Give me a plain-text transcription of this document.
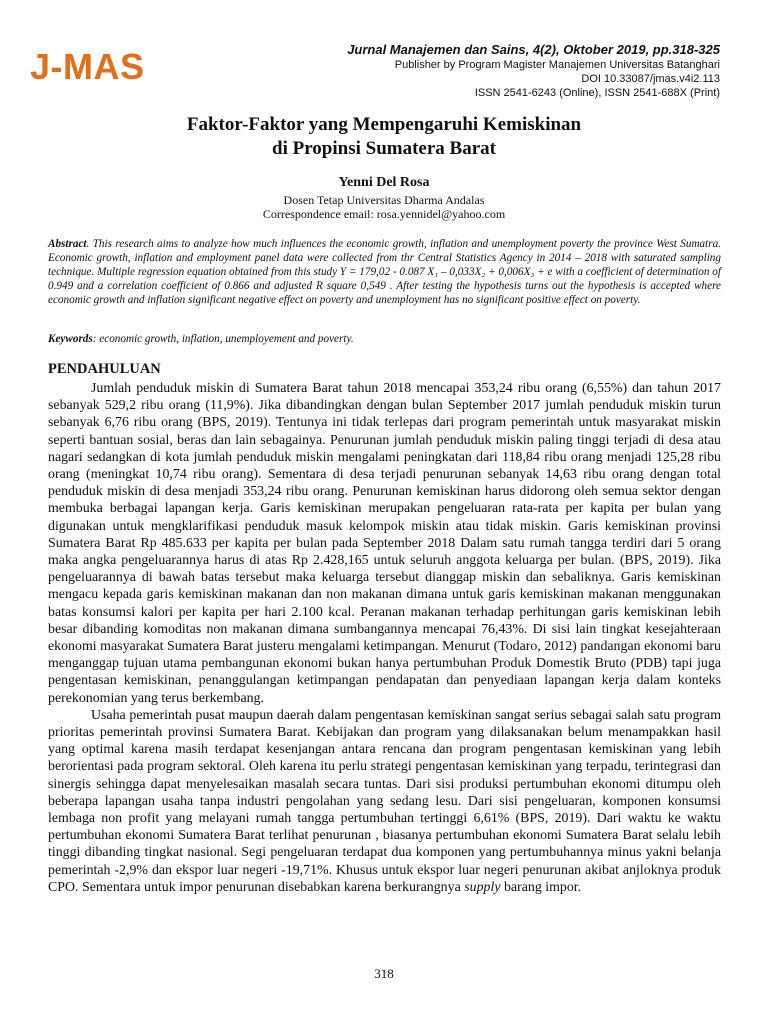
J-MAS	Jurnal Manajemen dan Sains, 4(2), Oktober 2019, pp.318-325
Publisher by Program Magister Manajemen Universitas Batanghari
DOI 10.33087/jmas.v4i2.113
ISSN 2541-6243 (Online), ISSN 2541-688X (Print)
Faktor-Faktor yang Mempengaruhi Kemiskinan
di Propinsi Sumatera Barat
Yenni Del Rosa
Dosen Tetap Universitas Dharma Andalas
Correspondence email: rosa.yennidel@yahoo.com
Abstract. This research aims to analyze how much influences the economic growth, inflation and unemployment poverty the province West Sumatra. Economic growth, inflation and employment panel data were collected from thr Central Statistics Agency in 2014 – 2018 with saturated sampling technique. Multiple regression equation obtained from this study Y = 179,02 - 0.087 X₁ – 0,033X₂ + 0,006X₃ + e with a coefficient of determination of 0.949 and a correlation coefficient of 0.866 and adjusted R square 0,549 . After testing the hypothesis turns out the hypothesis is accepted where economic growth and inflation significant negative effect on poverty and unemployment has no significant positive effect on poverty.
Keywords: economic growth, inflation, unemployement and poverty.
PENDAHULUAN

Jumlah penduduk miskin di Sumatera Barat tahun 2018 mencapai 353,24 ribu orang (6,55%) dan tahun 2017 sebanyak 529,2 ribu orang (11,9%). Jika dibandingkan dengan bulan September 2017 jumlah penduduk miskin turun sebanyak 6,76 ribu orang (BPS, 2019). Tentunya ini tidak terlepas dari program pemerintah untuk masyarakat miskin seperti bantuan sosial, beras dan lain sebagainya. Penurunan jumlah penduduk miskin paling tinggi terjadi di desa atau nagari sedangkan di kota jumlah penduduk miskin mengalami peningkatan dari 118,84 ribu orang menjadi 125,28 ribu orang (meningkat 10,74 ribu orang). Sementara di desa terjadi penurunan sebanyak 14,63 ribu orang dengan total penduduk miskin di desa menjadi 353,24 ribu orang. Penurunan kemiskinan harus didorong oleh semua sektor dengan membuka berbagai lapangan kerja. Garis kemiskinan merupakan pengeluaran rata-rata per kapita per bulan yang digunakan untuk mengklarifikasi penduduk masuk kelompok miskin atau tidak miskin. Garis kemiskinan provinsi Sumatera Barat Rp 485.633 per kapita per bulan pada September 2018 Dalam satu rumah tangga terdiri dari 5 orang maka angka pengeluarannya harus di atas Rp 2.428,165 untuk seluruh anggota keluarga per bulan. (BPS, 2019). Jika pengeluarannya di bawah batas tersebut maka keluarga tersebut dianggap miskin dan sebaliknya. Garis kemiskinan mengacu kepada garis kemiskinan makanan dan non makanan dimana untuk garis kemiskinan makanan menggunakan batas konsumsi kalori per kapita per hari 2.100 kcal. Peranan makanan terhadap perhitungan garis kemiskinan lebih besar dibanding komoditas non makanan dimana sumbangannya mencapai 76,43%. Di sisi lain tingkat kesejahteraan ekonomi masyarakat Sumatera Barat justeru mengalami ketimpangan. Menurut (Todaro, 2012) pandangan ekonomi baru menganggap tujuan utama pembangunan ekonomi bukan hanya pertumbuhan Produk Domestik Bruto (PDB) tapi juga pengentasan kemiskinan, penanggulangan ketimpangan pendapatan dan penyediaan lapangan kerja dalam konteks perekonomian yang terus berkembang.

Usaha pemerintah pusat maupun daerah dalam pengentasan kemiskinan sangat serius sebagai salah satu program prioritas pemerintah provinsi Sumatera Barat. Kebijakan dan program yang dilaksanakan belum menampakkan hasil yang optimal karena masih terdapat kesenjangan antara rencana dan program pengentasan kemiskinan yang lebih berorientasi pada program sektoral. Oleh karena itu perlu strategi pengentasan kemiskinan yang terpadu, terintegrasi dan sinergis sehingga dapat menyelesaikan masalah secara tuntas. Dari sisi produksi pertumbuhan ekonomi ditumpu oleh beberapa lapangan usaha tanpa industri pengolahan yang sedang lesu. Dari sisi pengeluaran, komponen konsumsi lembaga non profit yang melayani rumah tangga pertumbuhan tertinggi 6,61% (BPS, 2019). Dari waktu ke waktu pertumbuhan ekonomi Sumatera Barat terlihat penurunan , biasanya pertumbuhan ekonomi Sumatera Barat selalu lebih tinggi dibanding tingkat nasional. Segi pengeluaran terdapat dua komponen yang pertumbuhannya minus yakni belanja pemerintah -2,9% dan ekspor luar negeri -19,71%. Khusus untuk ekspor luar negeri penurunan akibat anjloknya produk CPO. Sementara untuk impor penurunan disebabkan karena berkurangnya supply barang impor.

318
